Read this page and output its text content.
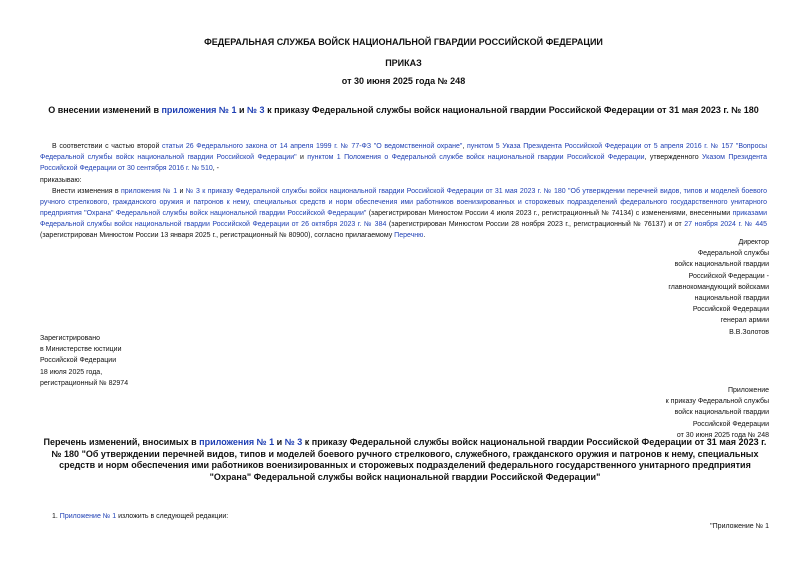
ФЕДЕРАЛЬНАЯ СЛУЖБА ВОЙСК НАЦИОНАЛЬНОЙ ГВАРДИИ РОССИЙСКОЙ ФЕДЕРАЦИИ
ПРИКАЗ
от 30 июня 2025 года № 248
О внесении изменений в приложения № 1 и № 3 к приказу Федеральной службы войск национальной гвардии Российской Федерации от 31 мая 2023 г. № 180
В соответствии с частью второй статьи 26 Федерального закона от 14 апреля 1999 г. № 77-ФЗ "О ведомственной охране", пунктом 5 Указа Президента Российской Федерации от 5 апреля 2016 г. № 157 "Вопросы Федеральной службы войск национальной гвардии Российской Федерации" и пунктом 1 Положения о Федеральной службе войск национальной гвардии Российской Федерации, утвержденного Указом Президента Российской Федерации от 30 сентября 2016 г. № 510, -
приказываю:
Внести изменения в приложения № 1 и № 3 к приказу Федеральной службы войск национальной гвардии Российской Федерации от 31 мая 2023 г. № 180 "Об утверждении перечней видов, типов и моделей боевого ручного стрелкового, гражданского оружия и патронов к нему, специальных средств и норм обеспечения ими работников военизированных и сторожевых подразделений федерального государственного унитарного предприятия "Охрана" Федеральной службы войск национальной гвардии Российской Федерации" (зарегистрирован Минюстом России 4 июля 2023 г., регистрационный № 74134) с изменениями, внесенными приказами Федеральной службы войск национальной гвардии Российской Федерации от 26 октября 2023 г. № 384 (зарегистрирован Минюстом России 28 ноября 2023 г., регистрационный № 76137) и от 27 ноября 2024 г. № 445 (зарегистрирован Минюстом России 13 января 2025 г., регистрационный № 80900), согласно прилагаемому Перечню.
Директор
Федеральной службы
войск национальной гвардии
Российской Федерации -
главнокомандующий войсками
национальной гвардии
Российской Федерации
генерал армии
В.В.Золотов
Зарегистрировано
в Министерстве юстиции
Российской Федерации
18 июля 2025 года,
регистрационный № 82974
Приложение
к приказу Федеральной службы
войск национальной гвардии
Российской Федерации
от 30 июня 2025 года № 248
Перечень изменений, вносимых в приложения № 1 и № 3 к приказу Федеральной службы войск национальной гвардии Российской Федерации от 31 мая 2023 г. № 180 "Об утверждении перечней видов, типов и моделей боевого ручного стрелкового, служебного, гражданского оружия и патронов к нему, специальных средств и норм обеспечения ими работников военизированных и сторожевых подразделений федерального государственного унитарного предприятия "Охрана" Федеральной службы войск национальной гвардии Российской Федерации"
1. Приложение № 1 изложить в следующей редакции:
"Приложение № 1
